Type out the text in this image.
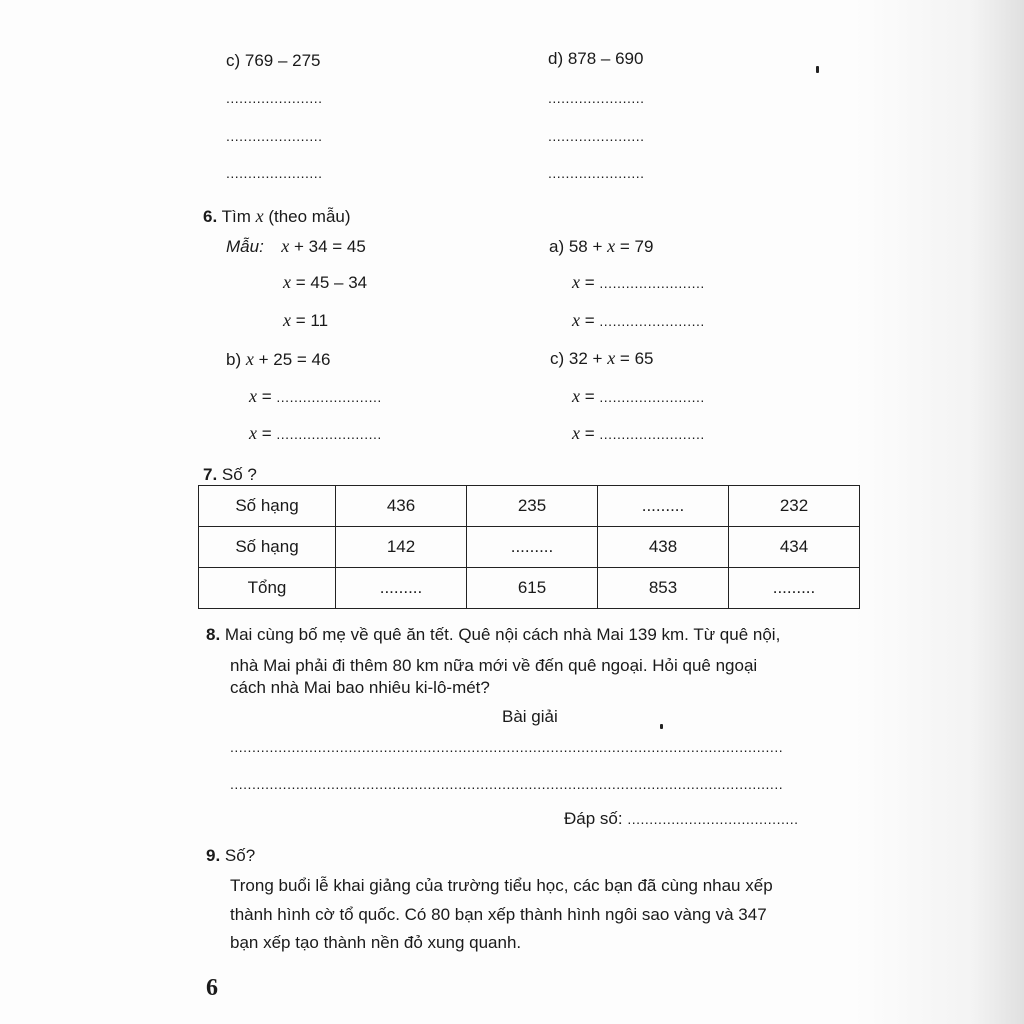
c) 769 – 275	d) 878 – 690
......................
......................
......................
......................
......................
......................
6. Tìm x (theo mẫu)
Mẫu: x + 34 = 45
x = 45 – 34
x = 11
a) 58 + x = 79
x = ........................
x = ........................
b) x + 25 = 46
x = ........................
x = ........................
c) 32 + x = 65
x = ........................
x = ........................
7. Số ?
Số hạng	436	235	.........	232
Số hạng	142	.........	438	434
Tổng	.........	615	853	.........
8. Mai cùng bố mẹ về quê ăn tết. Quê nội cách nhà Mai 139 km. Từ quê nội,
nhà Mai phải đi thêm 80 km nữa mới về đến quê ngoại. Hỏi quê ngoại
cách nhà Mai bao nhiêu ki-lô-mét?
Bài giải
..............................................................................................................................
..............................................................................................................................
Đáp số: .......................................
9. Số?
Trong buổi lễ khai giảng của trường tiểu học, các bạn đã cùng nhau xếp
thành hình cờ tổ quốc. Có 80 bạn xếp thành hình ngôi sao vàng và 347
bạn xếp tạo thành nền đỏ xung quanh.
6
